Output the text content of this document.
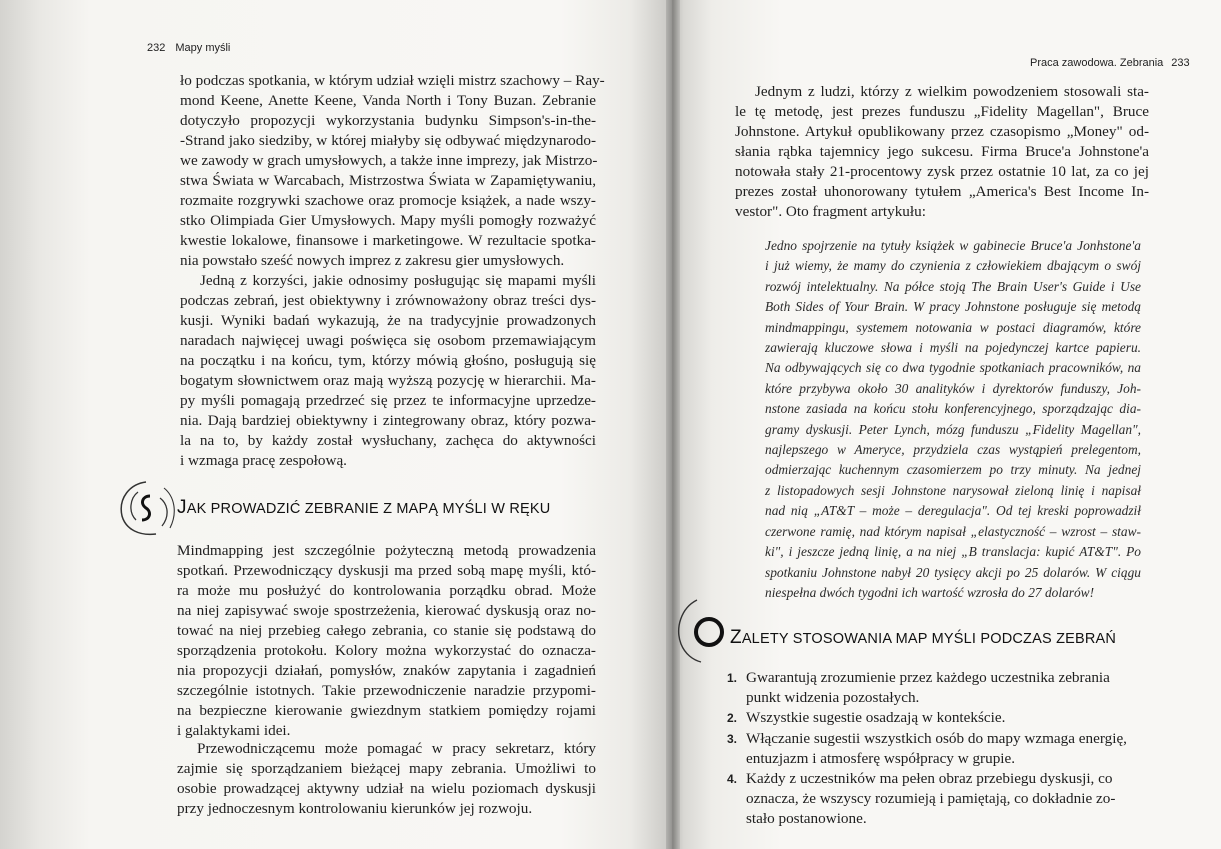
232 Mapy myśli
ło podczas spotkania, w którym udział wzięli mistrz szachowy – Ray-
mond Keene, Anette Keene, Vanda North i Tony Buzan. Zebranie
dotyczyło propozycji wykorzystania budynku Simpson's-in-the-
-Strand jako siedziby, w której miałyby się odbywać międzynarodo-
we zawody w grach umysłowych, a także inne imprezy, jak Mistrzo-
stwa Świata w Warcabach, Mistrzostwa Świata w Zapamiętywaniu,
rozmaite rozgrywki szachowe oraz promocje książek, a nade wszy-
stko Olimpiada Gier Umysłowych. Mapy myśli pomogły rozważyć
kwestie lokalowe, finansowe i marketingowe. W rezultacie spotka-
nia powstało sześć nowych imprez z zakresu gier umysłowych.
Jedną z korzyści, jakie odnosimy posługując się mapami myśli
podczas zebrań, jest obiektywny i zrównoważony obraz treści dys-
kusji. Wyniki badań wykazują, że na tradycyjnie prowadzonych
naradach najwięcej uwagi poświęca się osobom przemawiającym
na początku i na końcu, tym, którzy mówią głośno, posługują się
bogatym słownictwem oraz mają wyższą pozycję w hierarchii. Ma-
py myśli pomagają przedrzeć się przez te informacyjne uprzedze-
nia. Dają bardziej obiektywny i zintegrowany obraz, który pozwa-
la na to, by każdy został wysłuchany, zachęca do aktywności
i wzmaga pracę zespołową.
JAK PROWADZIĆ ZEBRANIE Z MAPĄ MYŚLI W RĘKU
Mindmapping jest szczególnie pożyteczną metodą prowadzenia
spotkań. Przewodniczący dyskusji ma przed sobą mapę myśli, któ-
ra może mu posłużyć do kontrolowania porządku obrad. Może
na niej zapisywać swoje spostrzeżenia, kierować dyskusją oraz no-
tować na niej przebieg całego zebrania, co stanie się podstawą do
sporządzenia protokołu. Kolory można wykorzystać do oznacza-
nia propozycji działań, pomysłów, znaków zapytania i zagadnień
szczególnie istotnych. Takie przewodniczenie naradzie przypomi-
na bezpieczne kierowanie gwiezdnym statkiem pomiędzy rojami
i galaktykami idei.
Przewodniczącemu może pomagać w pracy sekretarz, który
zajmie się sporządzaniem bieżącej mapy zebrania. Umożliwi to
osobie prowadzącej aktywny udział na wielu poziomach dyskusji
przy jednoczesnym kontrolowaniu kierunków jej rozwoju.
Praca zawodowa. Zebrania 233
Jednym z ludzi, którzy z wielkim powodzeniem stosowali sta-
le tę metodę, jest prezes funduszu „Fidelity Magellan", Bruce
Johnstone. Artykuł opublikowany przez czasopismo „Money" od-
słania rąbka tajemnicy jego sukcesu. Firma Bruce'a Johnstone'a
notowała stały 21-procentowy zysk przez ostatnie 10 lat, za co jej
prezes został uhonorowany tytułem „America's Best Income In-
vestor". Oto fragment artykułu:
Jedno spojrzenie na tytuły książek w gabinecie Bruce'a Jonhstone'a
i już wiemy, że mamy do czynienia z człowiekiem dbającym o swój
rozwój intelektualny. Na półce stoją The Brain User's Guide i Use
Both Sides of Your Brain. W pracy Johnstone posługuje się metodą
mindmappingu, systemem notowania w postaci diagramów, które
zawierają kluczowe słowa i myśli na pojedynczej kartce papieru.
Na odbywających się co dwa tygodnie spotkaniach pracowników, na
które przybywa około 30 analityków i dyrektorów funduszy, Joh-
nstone zasiada na końcu stołu konferencyjnego, sporządzając dia-
gramy dyskusji. Peter Lynch, mózg funduszu „Fidelity Magellan",
najlepszego w Ameryce, przydziela czas wystąpień prelegentom,
odmierzając kuchennym czasomierzem po trzy minuty. Na jednej
z listopadowych sesji Johnstone narysował zieloną linię i napisał
nad nią „AT&T – może – deregulacja". Od tej kreski poprowadził
czerwone ramię, nad którym napisał „elastyczność – wzrost – staw-
ki", i jeszcze jedną linię, a na niej „B translacja: kupić AT&T". Po
spotkaniu Johnstone nabył 20 tysięcy akcji po 25 dolarów. W ciągu
niespełna dwóch tygodni ich wartość wzrosła do 27 dolarów!
ZALETY STOSOWANIA MAP MYŚLI PODCZAS ZEBRAŃ
1. Gwarantują zrozumienie przez każdego uczestnika zebrania
punkt widzenia pozostałych.
2. Wszystkie sugestie osadzają w kontekście.
3. Włączanie sugestii wszystkich osób do mapy wzmaga energię,
entuzjazm i atmosferę współpracy w grupie.
4. Każdy z uczestników ma pełen obraz przebiegu dyskusji, co
oznacza, że wszyscy rozumieją i pamiętają, co dokładnie zo-
stało postanowione.
